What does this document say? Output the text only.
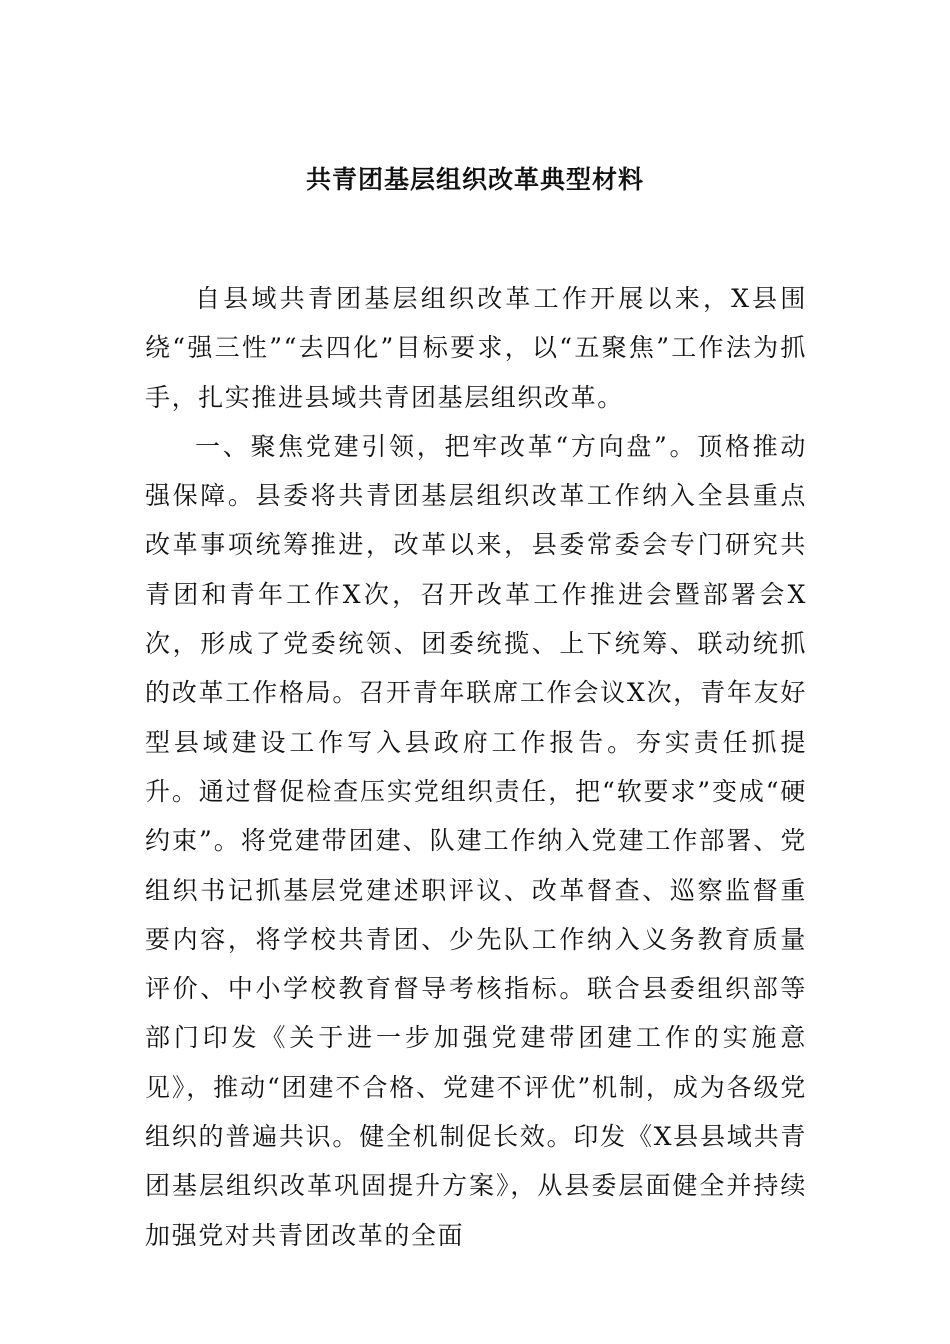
共青团基层组织改革典型材料

自县域共青团基层组织改革工作开展以来，X县围绕“强三性”“去四化”目标要求，以“五聚焦”工作法为抓手，扎实推进县域共青团基层组织改革。

一、聚焦党建引领，把牢改革“方向盘”。顶格推动强保障。县委将共青团基层组织改革工作纳入全县重点改革事项统筹推进，改革以来，县委常委会专门研究共青团和青年工作X次，召开改革工作推进会暨部署会X次，形成了党委统领、团委统揽、上下统筹、联动统抓的改革工作格局。召开青年联席工作会议X次，青年友好型县域建设工作写入县政府工作报告。夯实责任抓提升。通过督促检查压实党组织责任，把“软要求”变成“硬约束”。将党建带团建、队建工作纳入党建工作部署、党组织书记抓基层党建述职评议、改革督查、巡察监督重要内容，将学校共青团、少先队工作纳入义务教育质量评价、中小学校教育督导考核指标。联合县委组织部等部门印发《关于进一步加强党建带团建工作的实施意见》，推动“团建不合格、党建不评优”机制，成为各级党组织的普遍共识。健全机制促长效。印发《X县县域共青团基层组织改革巩固提升方案》，从县委层面健全并持续加强党对共青团改革的全面
